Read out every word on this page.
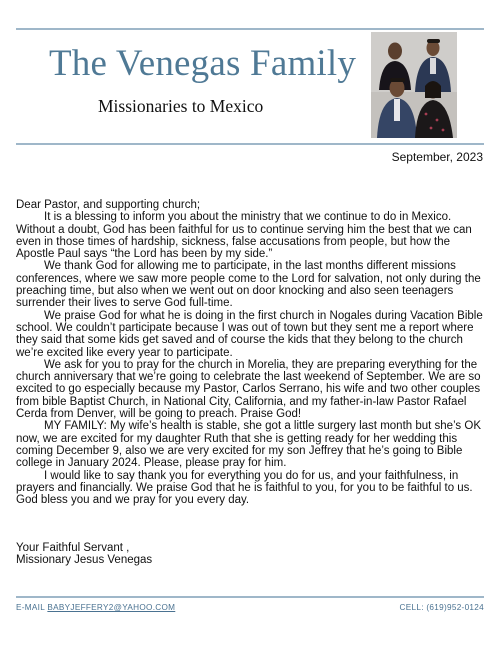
The Venegas Family
Missionaries to Mexico
September, 2023

Dear Pastor, and supporting church;

It is a blessing to inform you about the ministry that we continue to do in Mexico. Without a doubt, God has been faithful for us to continue serving him the best that we can even in those times of hardship, sickness, false accusations from people, but how the Apostle Paul says “the Lord has been by my side.”

We thank God for allowing me to participate, in the last months different missions conferences, where we saw more people come to the Lord for salvation, not only during the preaching time, but also when we went out on door knocking and also seen teenagers surrender their lives to serve God full-time.

We praise God for what he is doing in the first church in Nogales during Vacation Bible school. We couldn’t participate because I was out of town but they sent me a report where they said that some kids get saved and of course the kids that they belong to the church we’re excited like every year to participate.

We ask for you to pray for the church in Morelia, they are preparing everything for the church anniversary that we’re going to celebrate the last weekend of September. We are so excited to go especially because my Pastor, Carlos Serrano, his wife and two other couples from bible Baptist Church, in National City, California, and my father-in-law Pastor Rafael Cerda from Denver, will be going to preach. Praise God!

MY FAMILY: My wife’s health is stable, she got a little surgery last month but she’s OK now, we are excited for my daughter Ruth that she is getting ready for her wedding this coming December 9, also we are very excited for my son Jeffrey that he’s going to Bible college in January 2024. Please, please pray for him.

I would like to say thank you for everything you do for us, and your faithfulness, in prayers and financially. We praise God that he is faithful to you, for you to be faithful to us. God bless you and we pray for you every day.

Your Faithful Servant ,
Missionary Jesus Venegas
E-MAIL BABYJEFFERY2@YAHOO.COM	CELL: (619)952-0124
